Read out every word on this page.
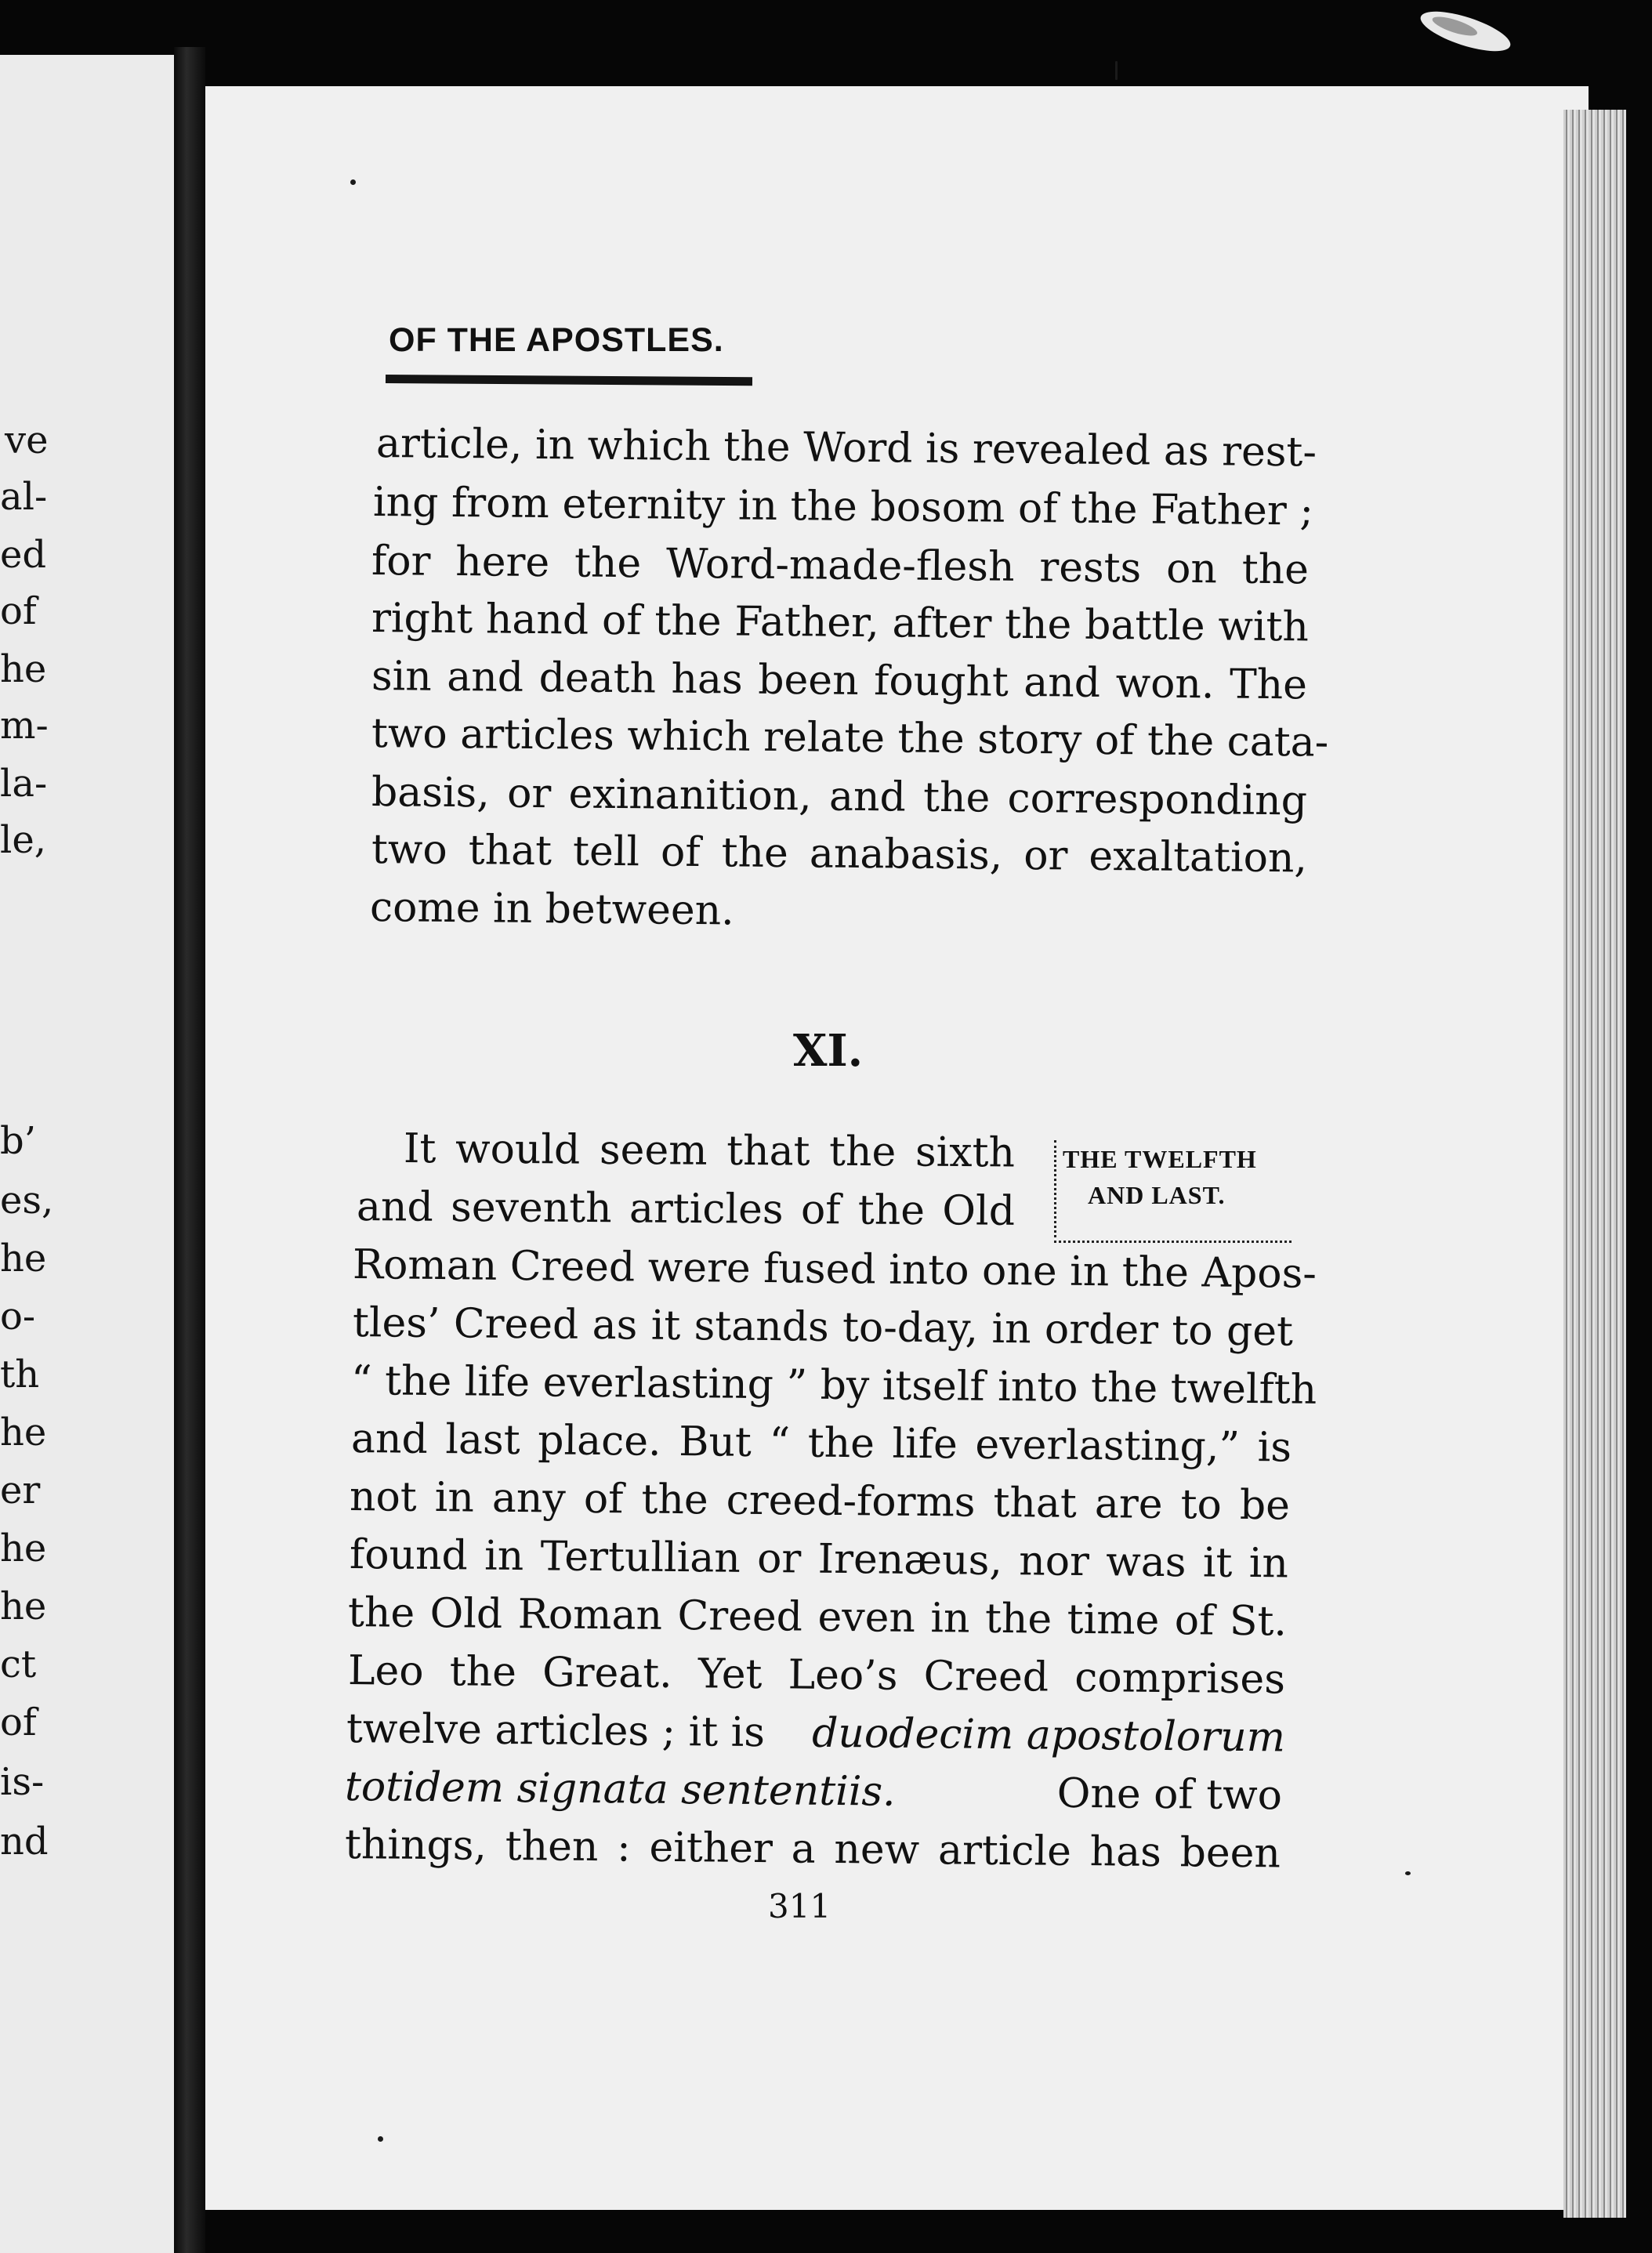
ve
al-
ed
of
he
m-
la-
le,
b’
es,
he
o-
th
he
er
he
he
ct
of
is-
nd
OF THE APOSTLES.
article, in which the Word is revealed as rest-
ing from eternity in the bosom of the Father ;
for here the Word-made-flesh rests on the
right hand of the Father, after the battle with
sin and death has been fought and won. The
two articles which relate the story of the cata-
basis, or exinanition, and the corresponding
two that tell of the anabasis, or exaltation,
come in between.
XI.
THE TWELFTH
AND LAST.
It would seem that the sixth
and seventh articles of the Old
Roman Creed were fused into one in the Apos-
tles’ Creed as it stands to-day, in order to get
“ the life everlasting ” by itself into the twelfth
and last place. But “ the life everlasting,” is
not in any of the creed-forms that are to be
found in Tertullian or Irenæus, nor was it in
the Old Roman Creed even in the time of St.
Leo the Great. Yet Leo’s Creed comprises
twelve articles ; it is duodecim apostolorum
totidem signata sententiis.	One of two
things, then : either a new article has been
311
